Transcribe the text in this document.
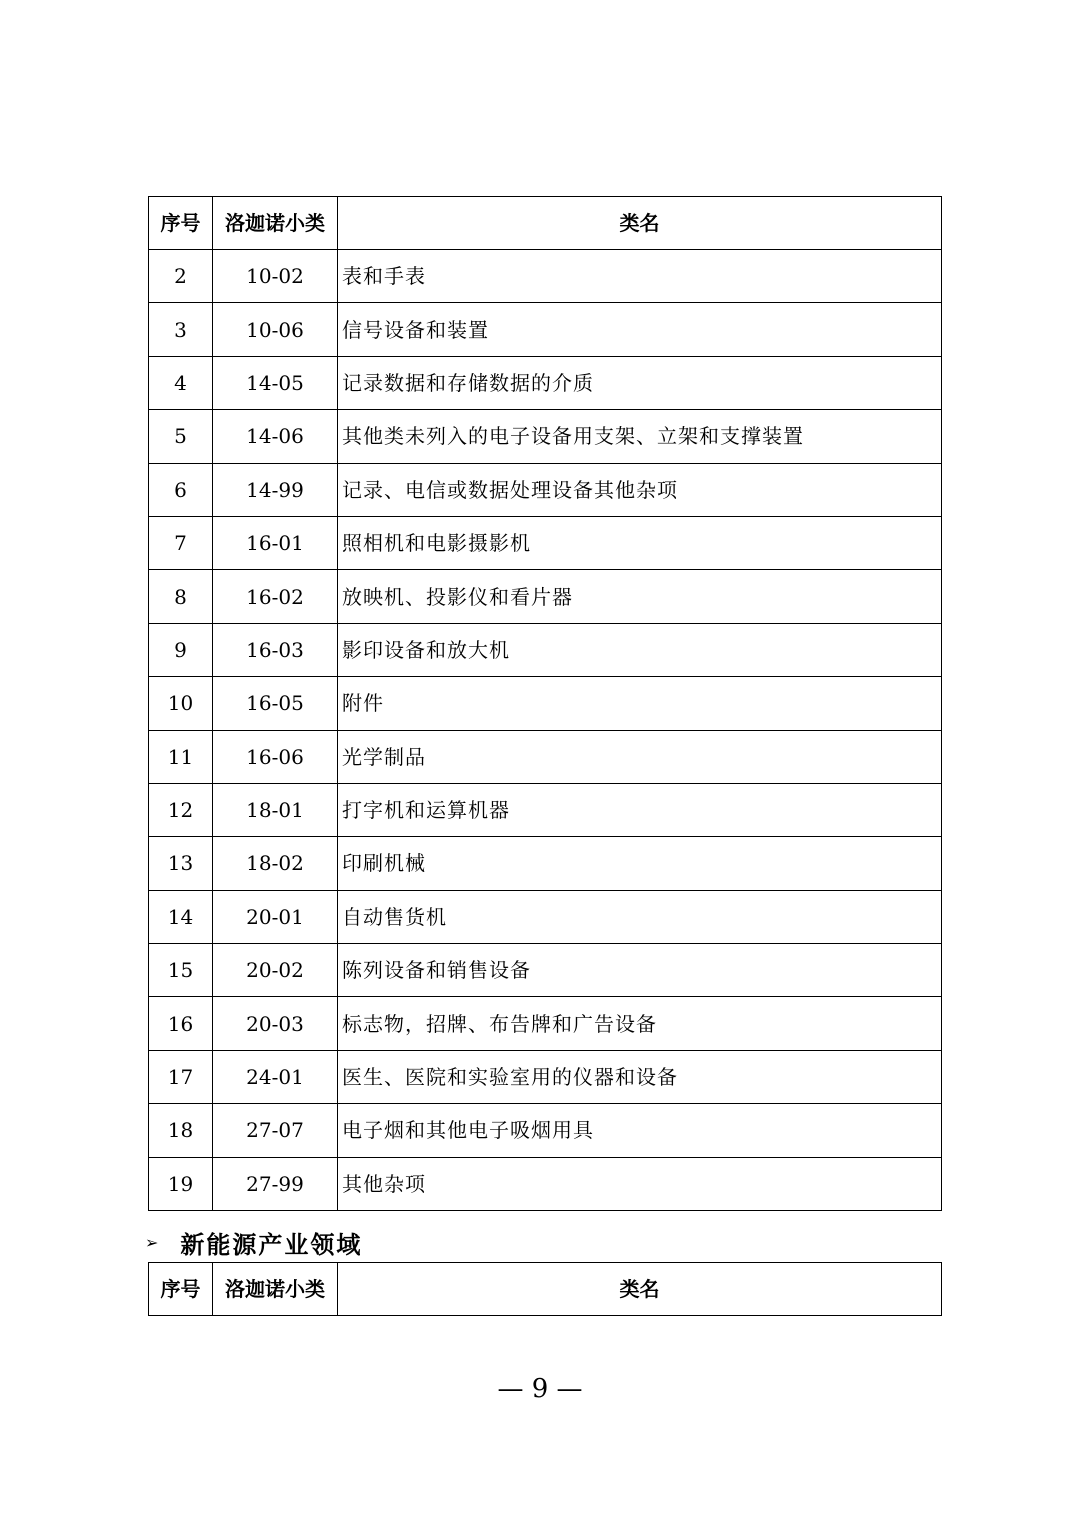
序号	洛迦诺小类	类名
2	10-02	表和手表
3	10-06	信号设备和装置
4	14-05	记录数据和存储数据的介质
5	14-06	其他类未列入的电子设备用支架、立架和支撑装置
6	14-99	记录、电信或数据处理设备其他杂项
7	16-01	照相机和电影摄影机
8	16-02	放映机、投影仪和看片器
9	16-03	影印设备和放大机
10	16-05	附件
11	16-06	光学制品
12	18-01	打字机和运算机器
13	18-02	印刷机械
14	20-01	自动售货机
15	20-02	陈列设备和销售设备
16	20-03	标志物，招牌、布告牌和广告设备
17	24-01	医生、医院和实验室用的仪器和设备
18	27-07	电子烟和其他电子吸烟用具
19	27-99	其他杂项
➢ 新能源产业领域
序号	洛迦诺小类	类名
— 9 —
